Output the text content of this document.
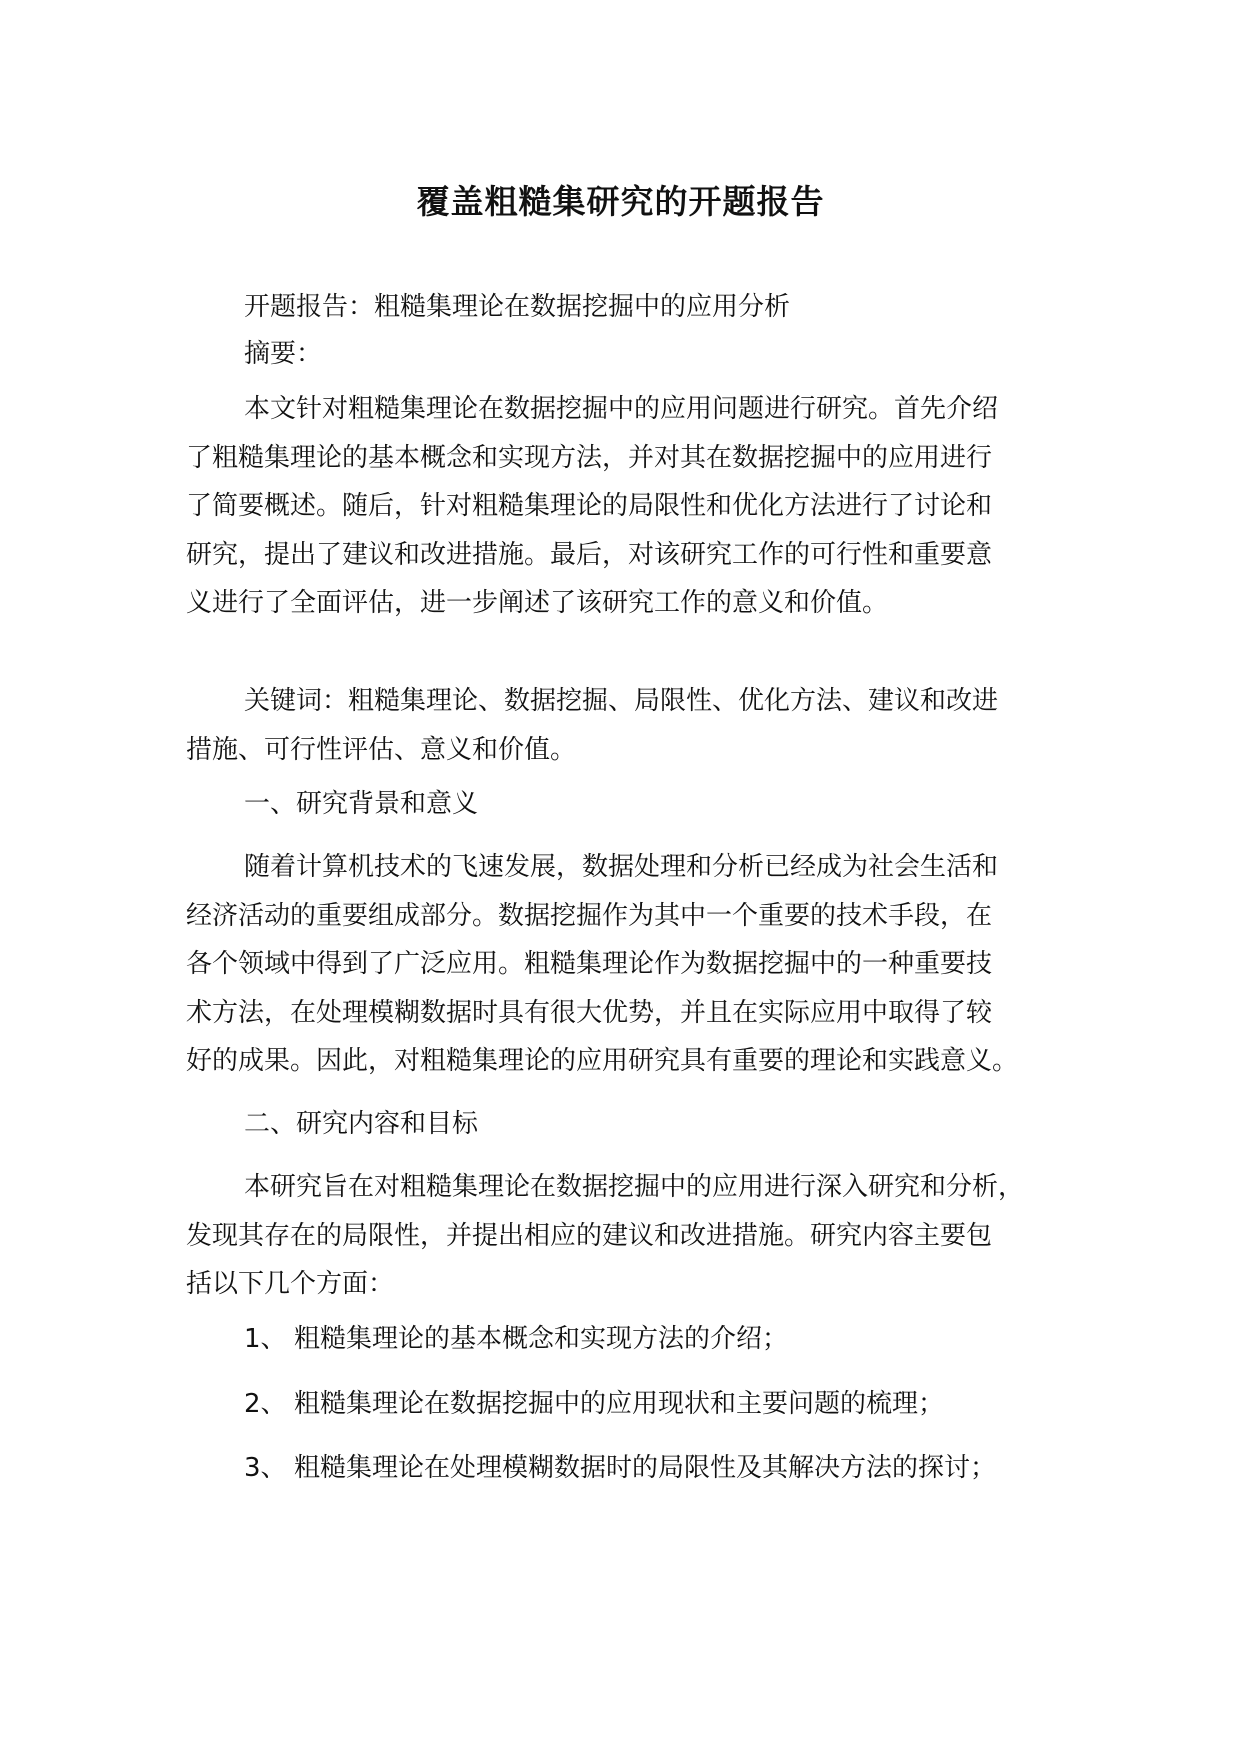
覆盖粗糙集研究的开题报告

开题报告：粗糙集理论在数据挖掘中的应用分析

摘要：

本文针对粗糙集理论在数据挖掘中的应用问题进行研究。首先介绍
了粗糙集理论的基本概念和实现方法，并对其在数据挖掘中的应用进行
了简要概述。随后，针对粗糙集理论的局限性和优化方法进行了讨论和
研究，提出了建议和改进措施。最后，对该研究工作的可行性和重要意
义进行了全面评估，进一步阐述了该研究工作的意义和价值。
关键词：粗糙集理论、数据挖掘、局限性、优化方法、建议和改进
措施、可行性评估、意义和价值。

一、研究背景和意义

随着计算机技术的飞速发展，数据处理和分析已经成为社会生活和
经济活动的重要组成部分。数据挖掘作为其中一个重要的技术手段，在
各个领域中得到了广泛应用。粗糙集理论作为数据挖掘中的一种重要技
术方法，在处理模糊数据时具有很大优势，并且在实际应用中取得了较
好的成果。因此，对粗糙集理论的应用研究具有重要的理论和实践意义。

二、研究内容和目标

本研究旨在对粗糙集理论在数据挖掘中的应用进行深入研究和分析，
发现其存在的局限性，并提出相应的建议和改进措施。研究内容主要包
括以下几个方面：
1、 粗糙集理论的基本概念和实现方法的介绍；
2、 粗糙集理论在数据挖掘中的应用现状和主要问题的梳理；
3、 粗糙集理论在处理模糊数据时的局限性及其解决方法的探讨；
